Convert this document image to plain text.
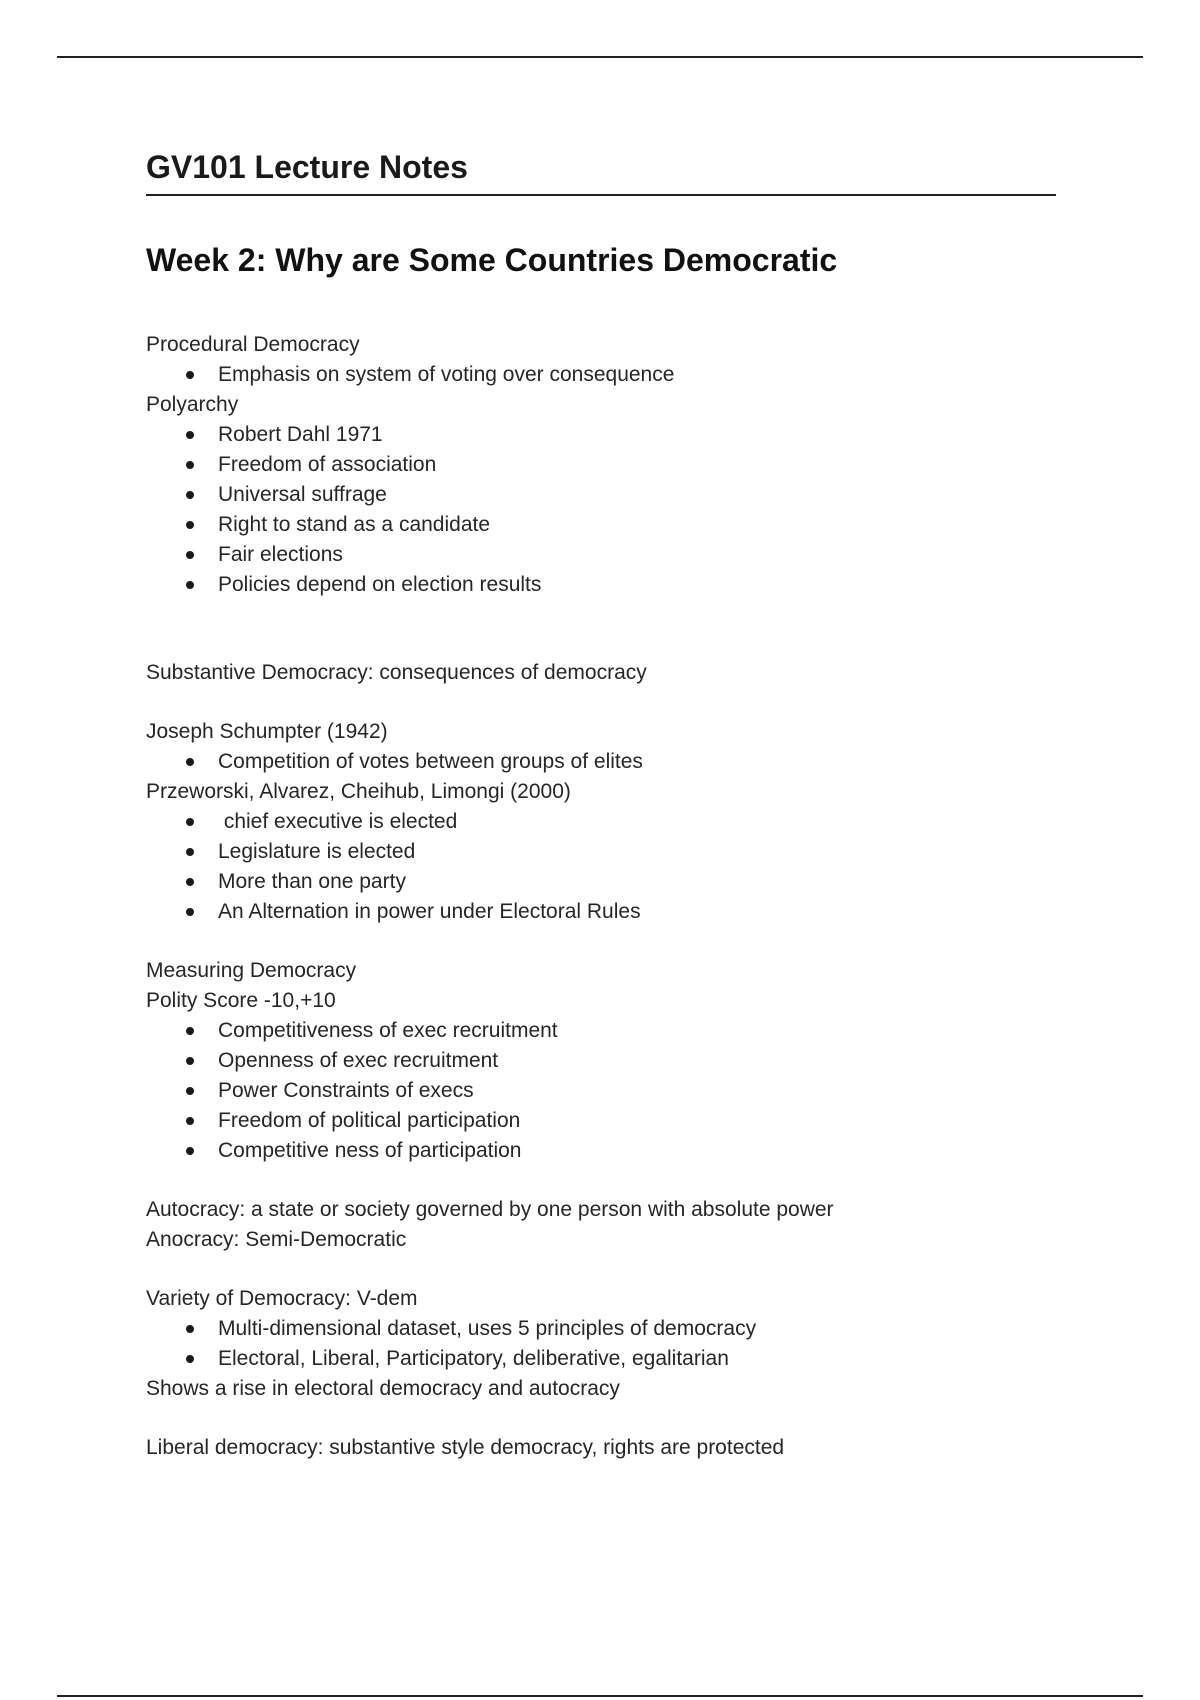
GV101 Lecture Notes
Week 2: Why are Some Countries Democratic

Procedural Democracy

Emphasis on system of voting over consequence

Polyarchy

Robert Dahl 1971
Freedom of association
Universal suffrage
Right to stand as a candidate
Fair elections
Policies depend on election results

Substantive Democracy: consequences of democracy

Joseph Schumpter (1942)

Competition of votes between groups of elites

Przeworski, Alvarez, Cheihub, Limongi (2000)

chief executive is elected
Legislature is elected
More than one party
An Alternation in power under Electoral Rules

Measuring Democracy

Polity Score -10,+10

Competitiveness of exec recruitment
Openness of exec recruitment
Power Constraints of execs
Freedom of political participation
Competitive ness of participation

Autocracy: a state or society governed by one person with absolute power

Anocracy: Semi-Democratic

Variety of Democracy: V-dem

Multi-dimensional dataset, uses 5 principles of democracy
Electoral, Liberal, Participatory, deliberative, egalitarian

Shows a rise in electoral democracy and autocracy

Liberal democracy: substantive style democracy, rights are protected
